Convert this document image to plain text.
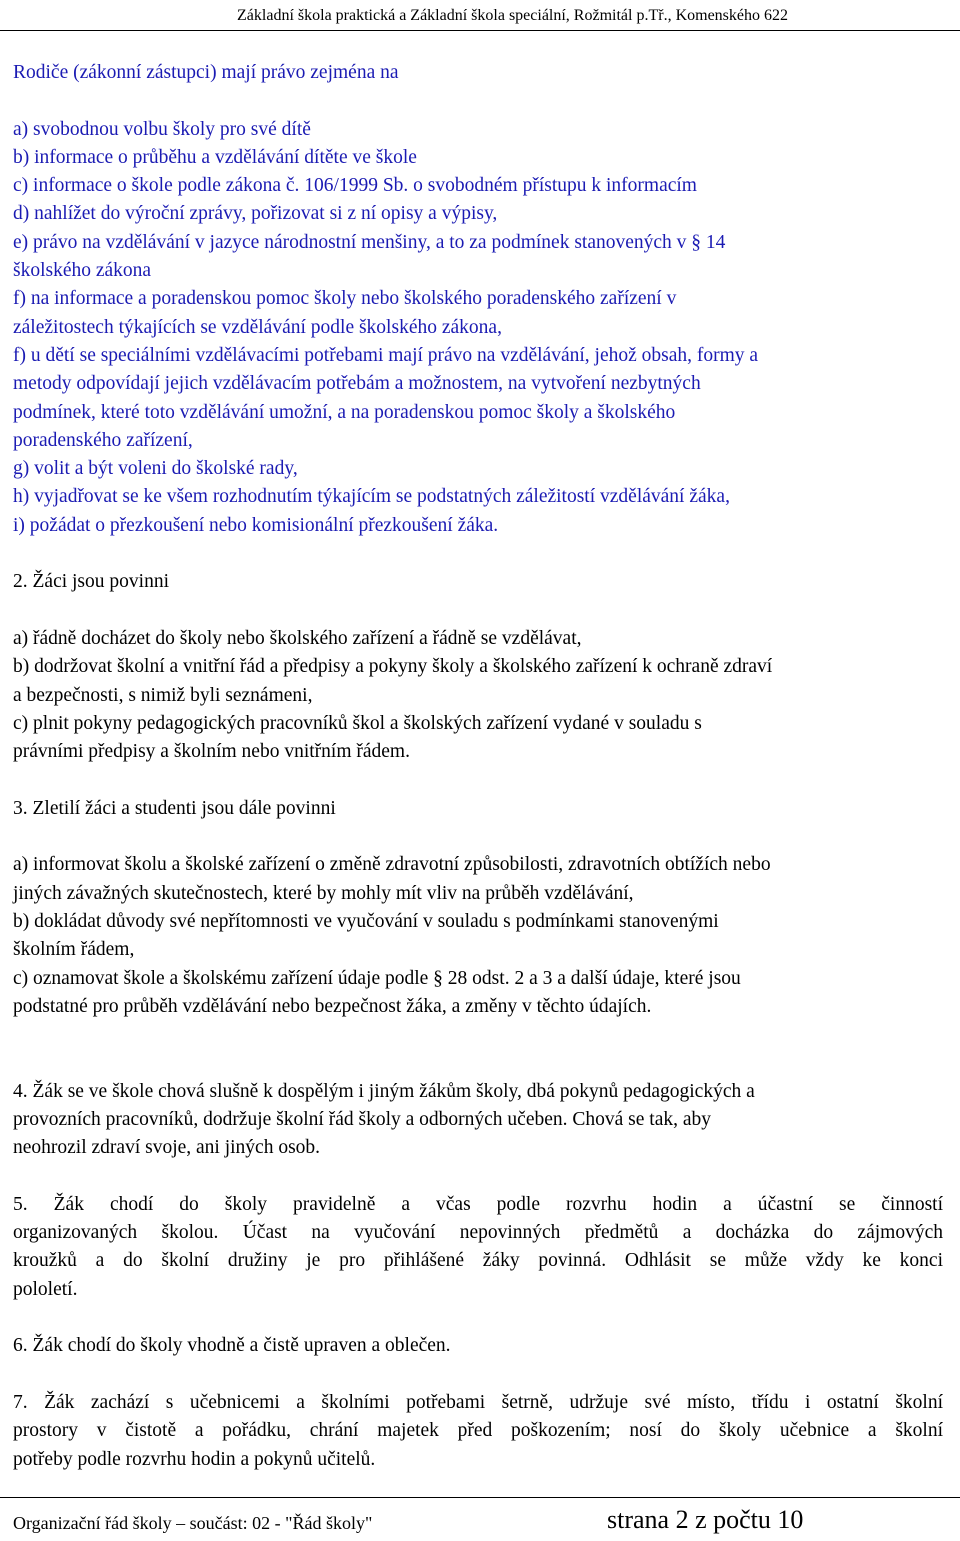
Základní škola praktická a Základní škola speciální, Rožmitál p.Tř., Komenského 622
Rodiče (zákonní zástupci) mají právo zejména na
a) svobodnou volbu školy pro své dítě
b) informace o průběhu a vzdělávání dítěte ve škole
c) informace o škole podle zákona č. 106/1999 Sb. o svobodném přístupu k informacím
d) nahlížet do výroční zprávy, pořizovat si z ní opisy a výpisy,
e) právo na vzdělávání v jazyce národnostní menšiny, a to za podmínek stanovených v § 14
školského zákona
f) na informace a poradenskou pomoc školy nebo školského poradenského zařízení v
záležitostech týkajících se vzdělávání podle školského zákona,
f) u dětí se speciálními vzdělávacími potřebami mají právo na vzdělávání, jehož obsah, formy a
metody odpovídají jejich vzdělávacím potřebám a možnostem, na vytvoření nezbytných
podmínek, které toto vzdělávání umožní, a na poradenskou pomoc školy a školského
poradenského zařízení,
g) volit a být voleni do školské rady,
h) vyjadřovat se ke všem rozhodnutím týkajícím se podstatných záležitostí vzdělávání žáka,
i) požádat o přezkoušení nebo komisionální přezkoušení žáka.
2. Žáci jsou povinni
a) řádně docházet do školy nebo školského zařízení a řádně se vzdělávat,
b) dodržovat školní a vnitřní řád a předpisy a pokyny školy a školského zařízení k ochraně zdraví
a bezpečnosti, s nimiž byli seznámeni,
c) plnit pokyny pedagogických pracovníků škol a školských zařízení vydané v souladu s
právními předpisy a školním nebo vnitřním řádem.
3. Zletilí žáci a studenti jsou dále povinni
a) informovat školu a školské zařízení o změně zdravotní způsobilosti, zdravotních obtížích nebo
jiných závažných skutečnostech, které by mohly mít vliv na průběh vzdělávání,
b) dokládat důvody své nepřítomnosti ve vyučování v souladu s podmínkami stanovenými
školním řádem,
c) oznamovat škole a školskému zařízení údaje podle § 28 odst. 2 a 3 a další údaje, které jsou
podstatné pro průběh vzdělávání nebo bezpečnost žáka, a změny v těchto údajích.
4. Žák se ve škole chová slušně k dospělým i jiným žákům školy, dbá pokynů pedagogických a
provozních pracovníků, dodržuje školní řád školy a odborných učeben. Chová se tak, aby
neohrozil zdraví svoje, ani jiných osob.
5. Žák chodí do školy pravidelně a včas podle rozvrhu hodin a účastní se činností
organizovaných školou. Účast na vyučování nepovinných předmětů a docházka do zájmových
kroužků a do školní družiny je pro přihlášené žáky povinná. Odhlásit se může vždy ke konci
pololetí.
6. Žák chodí do školy vhodně a čistě upraven a oblečen.
7. Žák zachází s učebnicemi a školními potřebami šetrně, udržuje své místo, třídu i ostatní školní
prostory v čistotě a pořádku, chrání majetek před poškozením; nosí do školy učebnice a školní
potřeby podle rozvrhu hodin a pokynů učitelů.
Organizační řád školy – součást: 02 - "Řád školy"	strana 2 z počtu 10
